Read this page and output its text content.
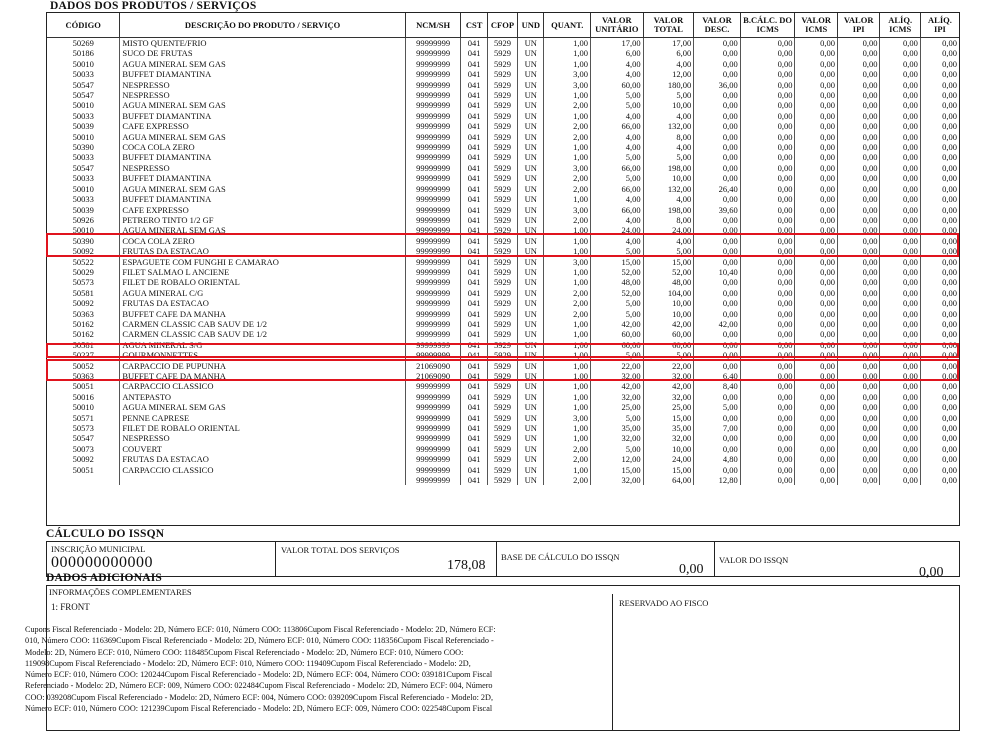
DADOS DOS PRODUTOS / SERVIÇOS
CÓDIGO	DESCRIÇÃO DO PRODUTO / SERVIÇO	NCM/SH	CST	CFOP	UND	QUANT.	VALOR UNITÁRIO	VALOR TOTAL	VALOR DESC.	B.CÁLC. DO ICMS	VALOR ICMS	VALOR IPI	ALÍQ. ICMS	ALÍQ. IPI
50269	MISTO QUENTE/FRIO	99999999	041	5929	UN	1,00	17,00	17,00	0,00	0,00	0,00	0,00	0,00	0,00
50186	SUCO DE FRUTAS	99999999	041	5929	UN	1,00	6,00	6,00	0,00	0,00	0,00	0,00	0,00	0,00
50010	AGUA MINERAL SEM GAS	99999999	041	5929	UN	1,00	4,00	4,00	0,00	0,00	0,00	0,00	0,00	0,00
50033	BUFFET DIAMANTINA	99999999	041	5929	UN	3,00	4,00	12,00	0,00	0,00	0,00	0,00	0,00	0,00
50547	NESPRESSO	99999999	041	5929	UN	3,00	60,00	180,00	36,00	0,00	0,00	0,00	0,00	0,00
50547	NESPRESSO	99999999	041	5929	UN	1,00	5,00	5,00	0,00	0,00	0,00	0,00	0,00	0,00
50010	AGUA MINERAL SEM GAS	99999999	041	5929	UN	2,00	5,00	10,00	0,00	0,00	0,00	0,00	0,00	0,00
50033	BUFFET DIAMANTINA	99999999	041	5929	UN	1,00	4,00	4,00	0,00	0,00	0,00	0,00	0,00	0,00
50039	CAFE EXPRESSO	99999999	041	5929	UN	2,00	66,00	132,00	0,00	0,00	0,00	0,00	0,00	0,00
50010	AGUA MINERAL SEM GAS	99999999	041	5929	UN	2,00	4,00	8,00	0,00	0,00	0,00	0,00	0,00	0,00
50390	COCA COLA ZERO	99999999	041	5929	UN	1,00	4,00	4,00	0,00	0,00	0,00	0,00	0,00	0,00
50033	BUFFET DIAMANTINA	99999999	041	5929	UN	1,00	5,00	5,00	0,00	0,00	0,00	0,00	0,00	0,00
50547	NESPRESSO	99999999	041	5929	UN	3,00	66,00	198,00	0,00	0,00	0,00	0,00	0,00	0,00
50033	BUFFET DIAMANTINA	99999999	041	5929	UN	2,00	5,00	10,00	0,00	0,00	0,00	0,00	0,00	0,00
50010	AGUA MINERAL SEM GAS	99999999	041	5929	UN	2,00	66,00	132,00	26,40	0,00	0,00	0,00	0,00	0,00
50033	BUFFET DIAMANTINA	99999999	041	5929	UN	1,00	4,00	4,00	0,00	0,00	0,00	0,00	0,00	0,00
50039	CAFE EXPRESSO	99999999	041	5929	UN	3,00	66,00	198,00	39,60	0,00	0,00	0,00	0,00	0,00
50926	PETRERO TINTO 1/2 GF	99999999	041	5929	UN	2,00	4,00	8,00	0,00	0,00	0,00	0,00	0,00	0,00
50010	AGUA MINERAL SEM GAS	99999999	041	5929	UN	1,00	24,00	24,00	0,00	0,00	0,00	0,00	0,00	0,00
50390	COCA COLA ZERO	99999999	041	5929	UN	1,00	4,00	4,00	0,00	0,00	0,00	0,00	0,00	0,00
50092	FRUTAS DA ESTACAO	99999999	041	5929	UN	1,00	5,00	5,00	0,00	0,00	0,00	0,00	0,00	0,00
50522	ESPAGUETE COM FUNGHI E CAMARAO	99999999	041	5929	UN	3,00	15,00	15,00	0,00	0,00	0,00	0,00	0,00	0,00
50029	FILET SALMAO L ANCIENE	99999999	041	5929	UN	1,00	52,00	52,00	10,40	0,00	0,00	0,00	0,00	0,00
50573	FILET DE ROBALO ORIENTAL	99999999	041	5929	UN	1,00	48,00	48,00	0,00	0,00	0,00	0,00	0,00	0,00
50581	AGUA MINERAL C/G	99999999	041	5929	UN	2,00	52,00	104,00	0,00	0,00	0,00	0,00	0,00	0,00
50092	FRUTAS DA ESTACAO	99999999	041	5929	UN	2,00	5,00	10,00	0,00	0,00	0,00	0,00	0,00	0,00
50363	BUFFET CAFE DA MANHA	99999999	041	5929	UN	2,00	5,00	10,00	0,00	0,00	0,00	0,00	0,00	0,00
50162	CARMEN CLASSIC CAB SAUV DE 1/2	99999999	041	5929	UN	1,00	42,00	42,00	42,00	0,00	0,00	0,00	0,00	0,00
50162	CARMEN CLASSIC CAB SAUV DE 1/2	99999999	041	5929	UN	1,00	60,00	60,00	0,00	0,00	0,00	0,00	0,00	0,00
50581	AGUA MINERAL S/G	99999999	041	5929	UN	1,00	60,00	60,00	0,00	0,00	0,00	0,00	0,00	0,00
50237	GOURMONNETTES	99999999	041	5929	UN	1,00	5,00	5,00	0,00	0,00	0,00	0,00	0,00	0,00
50052	CARPACCIO DE PUPUNHA	21069090	041	5929	UN	1,00	22,00	22,00	0,00	0,00	0,00	0,00	0,00	0,00
50363	BUFFET CAFE DA MANHA	21069090	041	5929	UN	1,00	32,00	32,00	6,40	0,00	0,00	0,00	0,00	0,00
50051	CARPACCIO CLASSICO	99999999	041	5929	UN	1,00	42,00	42,00	8,40	0,00	0,00	0,00	0,00	0,00
50016	ANTEPASTO	99999999	041	5929	UN	1,00	32,00	32,00	0,00	0,00	0,00	0,00	0,00	0,00
50010	AGUA MINERAL SEM GAS	99999999	041	5929	UN	1,00	25,00	25,00	5,00	0,00	0,00	0,00	0,00	0,00
50571	PENNE CAPRESE	99999999	041	5929	UN	3,00	5,00	15,00	0,00	0,00	0,00	0,00	0,00	0,00
50573	FILET DE ROBALO ORIENTAL	99999999	041	5929	UN	1,00	35,00	35,00	7,00	0,00	0,00	0,00	0,00	0,00
50547	NESPRESSO	99999999	041	5929	UN	1,00	32,00	32,00	0,00	0,00	0,00	0,00	0,00	0,00
50073	COUVERT	99999999	041	5929	UN	2,00	5,00	10,00	0,00	0,00	0,00	0,00	0,00	0,00
50092	FRUTAS DA ESTACAO	99999999	041	5929	UN	2,00	12,00	24,00	4,80	0,00	0,00	0,00	0,00	0,00
50051	CARPACCIO CLASSICO	99999999	041	5929	UN	1,00	15,00	15,00	0,00	0,00	0,00	0,00	0,00	0,00
		99999999	041	5929	UN	2,00	32,00	64,00	12,80	0,00	0,00	0,00	0,00	0,00
CÁLCULO DO ISSQN
INSCRIÇÃO MUNICIPAL
000000000000
VALOR TOTAL DOS SERVIÇOS
178,08
BASE DE CÁLCULO DO ISSQN
0,00
VALOR DO ISSQN
0,00
DADOS ADICIONAIS
INFORMAÇÕES COMPLEMENTARES
1: FRONT	RESERVADO AO FISCO
Cupons Fiscal Referenciado - Modelo: 2D, Número ECF: 010, Número COO: 113806Cupom Fiscal Referenciado - Modelo: 2D, Número ECF:
010, Número COO: 116369Cupom Fiscal Referenciado - Modelo: 2D, Número ECF: 010, Número COO: 118356Cupom Fiscal Referenciado -
Modelo: 2D, Número ECF: 010, Número COO: 118485Cupom Fiscal Referenciado - Modelo: 2D, Número ECF: 010, Número COO:
119098Cupom Fiscal Referenciado - Modelo: 2D, Número ECF: 010, Número COO: 119409Cupom Fiscal Referenciado - Modelo: 2D,
Número ECF: 010, Número COO: 120244Cupom Fiscal Referenciado - Modelo: 2D, Número ECF: 004, Número COO: 039181Cupom Fiscal
Referenciado - Modelo: 2D, Número ECF: 009, Número COO: 022484Cupom Fiscal Referenciado - Modelo: 2D, Número ECF: 004, Número
COO: 039208Cupom Fiscal Referenciado - Modelo: 2D, Número ECF: 004, Número COO: 039209Cupom Fiscal Referenciado - Modelo: 2D,
Número ECF: 010, Número COO: 121239Cupom Fiscal Referenciado - Modelo: 2D, Número ECF: 009, Número COO: 022548Cupom Fiscal
